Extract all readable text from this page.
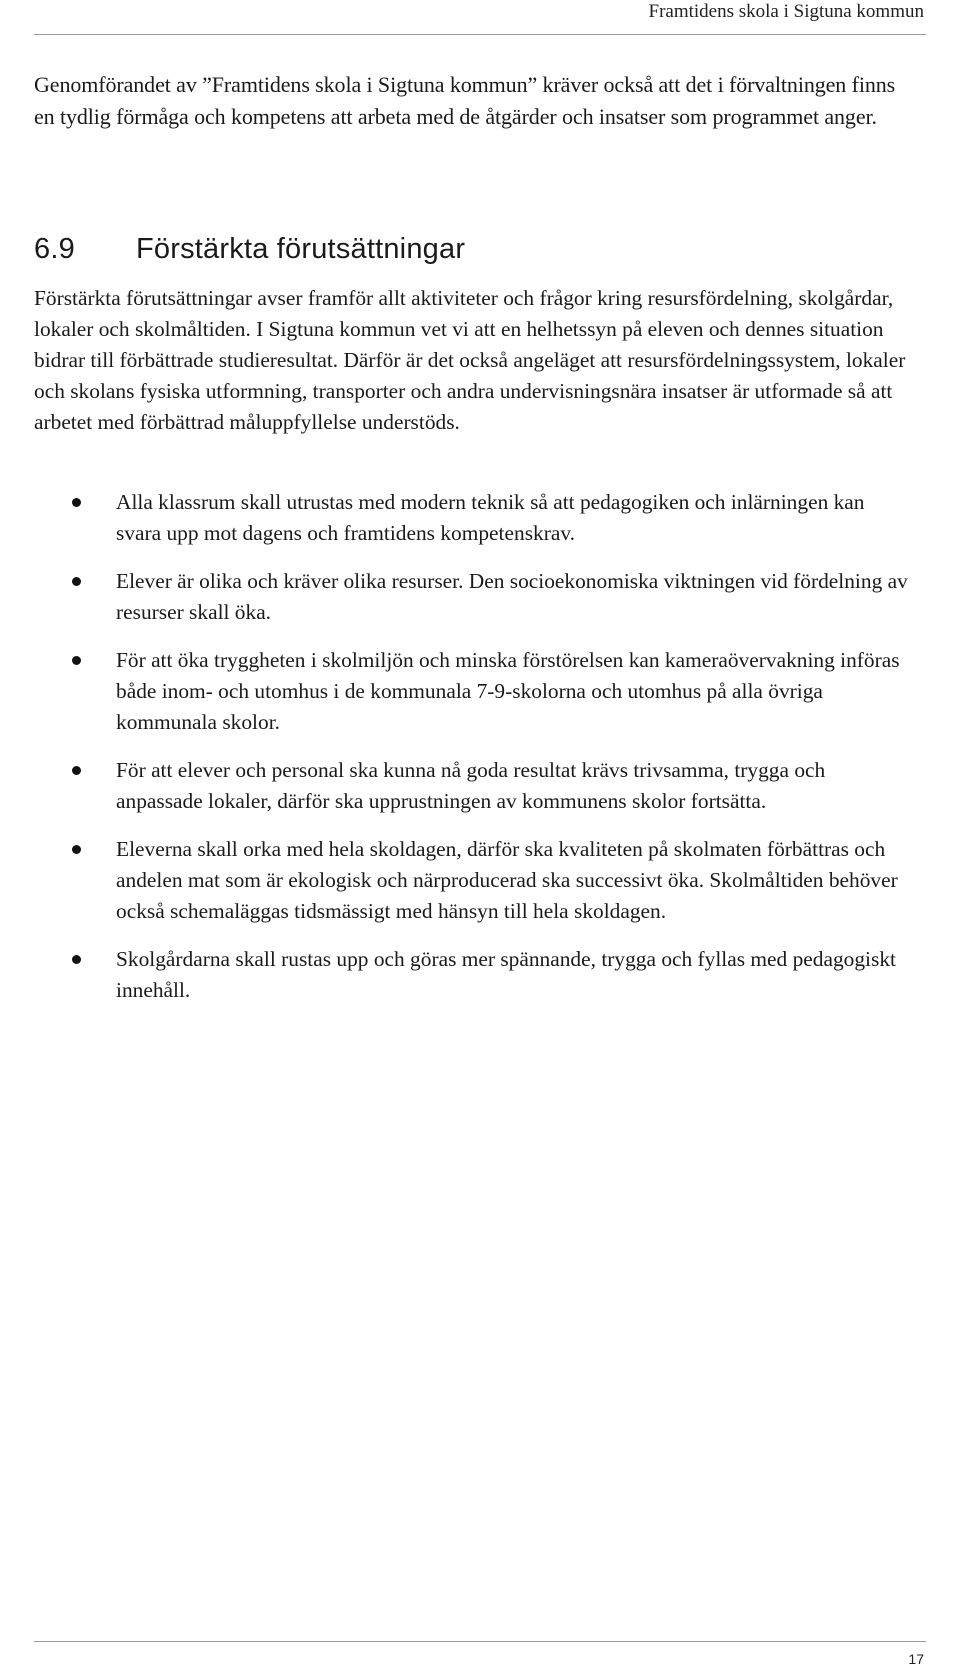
Framtidens skola i Sigtuna kommun

Genomförandet av ”Framtidens skola i Sigtuna kommun” kräver också att det i förvaltningen finns en tydlig förmåga och kompetens att arbeta med de åtgärder och insatser som programmet anger.

6.9 Förstärkta förutsättningar

Förstärkta förutsättningar avser framför allt aktiviteter och frågor kring resursfördelning, skolgårdar, lokaler och skolmåltiden. I Sigtuna kommun vet vi att en helhetssyn på eleven och dennes situation bidrar till förbättrade studieresultat. Därför är det också angeläget att resursfördelningssystem, lokaler och skolans fysiska utformning, transporter och andra undervisningsnära insatser är utformade så att arbetet med förbättrad måluppfyllelse understöds.

Alla klassrum skall utrustas med modern teknik så att pedagogiken och inlärningen kan svara upp mot dagens och framtidens kompetenskrav.
Elever är olika och kräver olika resurser. Den socioekonomiska viktningen vid fördelning av resurser skall öka.
För att öka tryggheten i skolmiljön och minska förstörelsen kan kameraövervakning införas både inom- och utomhus i de kommunala 7-9-skolorna och utomhus på alla övriga kommunala skolor.
För att elever och personal ska kunna nå goda resultat krävs trivsamma, trygga och anpassade lokaler, därför ska upprustningen av kommunens skolor fortsätta.
Eleverna skall orka med hela skoldagen, därför ska kvaliteten på skolmaten förbättras och andelen mat som är ekologisk och närproducerad ska successivt öka. Skolmåltiden behöver också schemaläggas tidsmässigt med hänsyn till hela skoldagen.
Skolgårdarna skall rustas upp och göras mer spännande, trygga och fyllas med pedagogiskt innehåll.
17
